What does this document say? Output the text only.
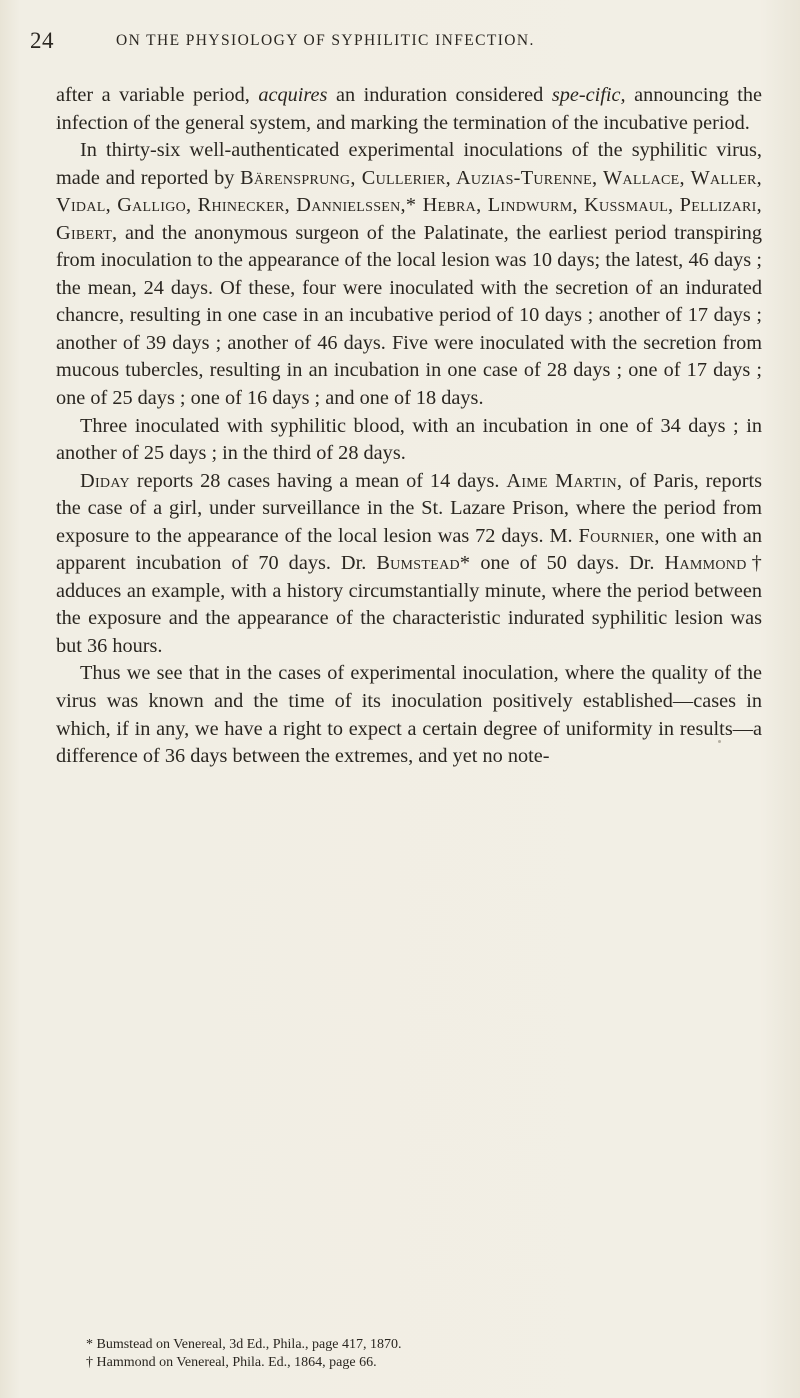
24	ON THE PHYSIOLOGY OF SYPHILITIC INFECTION.

after a variable period, acquires an induration considered spe-cific, announcing the infection of the general system, and marking the termination of the incubative period.

In thirty-six well-authenticated experimental inoculations of the syphilitic virus, made and reported by Bärensprung, Cullerier, Auzias-Turenne, Wallace, Waller, Vidal, Galligo, Rhinecker, Dannielssen,* Hebra, Lindwurm, Kussmaul, Pellizari, Gibert, and the anonymous surgeon of the Palatinate, the earliest period transpiring from inoculation to the appearance of the local lesion was 10 days; the latest, 46 days ; the mean, 24 days. Of these, four were inoculated with the secretion of an indurated chancre, resulting in one case in an incubative period of 10 days ; another of 17 days ; another of 39 days ; another of 46 days. Five were inoculated with the secretion from mucous tubercles, resulting in an incubation in one case of 28 days ; one of 17 days ; one of 25 days ; one of 16 days ; and one of 18 days.

Three inoculated with syphilitic blood, with an incubation in one of 34 days ; in another of 25 days ; in the third of 28 days.

Diday reports 28 cases having a mean of 14 days. Aime Martin, of Paris, reports the case of a girl, under surveillance in the St. Lazare Prison, where the period from exposure to the appearance of the local lesion was 72 days. M. Fournier, one with an apparent incubation of 70 days. Dr. Bumstead* one of 50 days. Dr. Hammond† adduces an example, with a history circumstantially minute, where the period between the exposure and the appearance of the characteristic indurated syphilitic lesion was but 36 hours.

Thus we see that in the cases of experimental inoculation, where the quality of the virus was known and the time of its inoculation positively established—cases in which, if in any, we have a right to expect a certain degree of uniformity in results—a difference of 36 days between the extremes, and yet no note-

* Bumstead on Venereal, 3d Ed., Phila., page 417, 1870.

† Hammond on Venereal, Phila. Ed., 1864, page 66.
